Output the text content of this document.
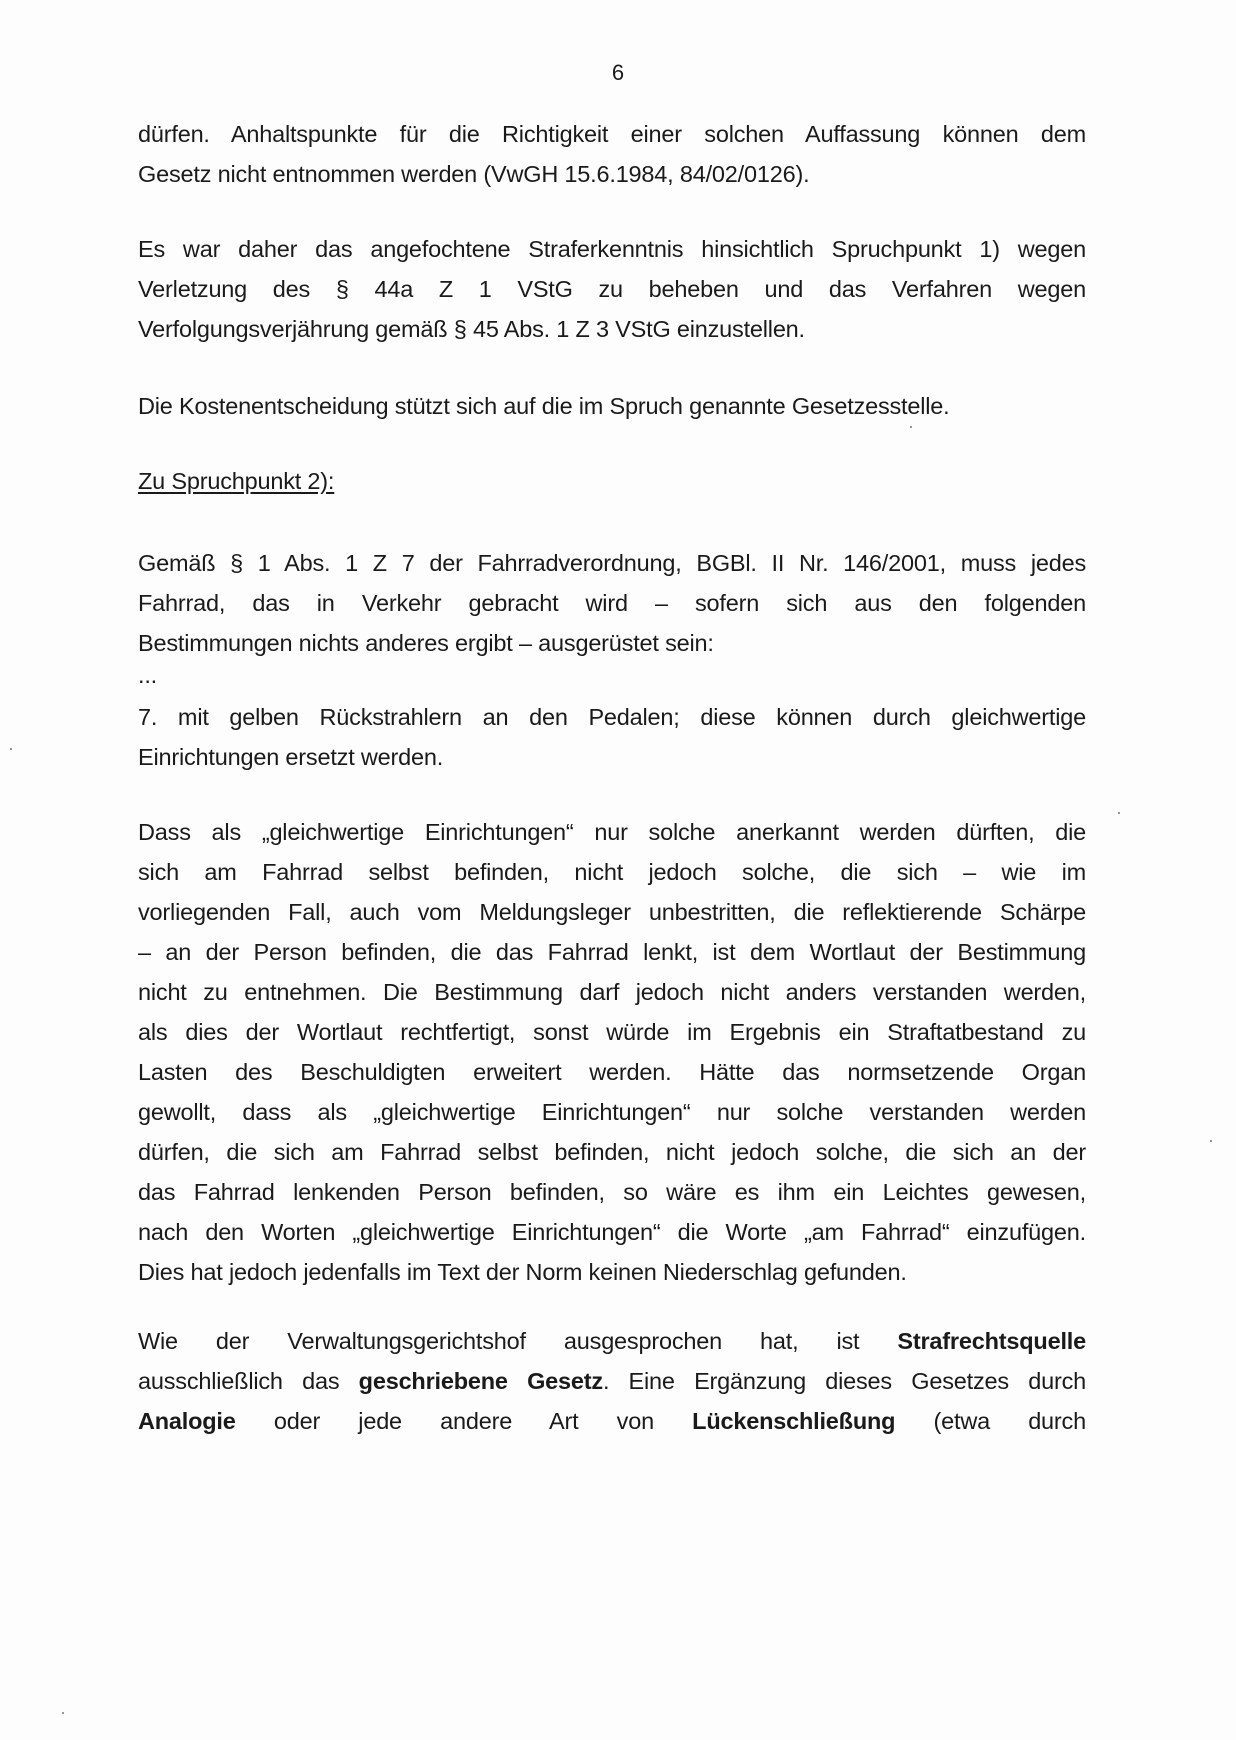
6
dürfen. Anhaltspunkte für die Richtigkeit einer solchen Auffassung können dem
Gesetz nicht entnommen werden (VwGH 15.6.1984, 84/02/0126).
Es war daher das angefochtene Straferkenntnis hinsichtlich Spruchpunkt 1) wegen
Verletzung des § 44a Z 1 VStG zu beheben und das Verfahren wegen
Verfolgungsverjährung gemäß § 45 Abs. 1 Z 3 VStG einzustellen.
Die Kostenentscheidung stützt sich auf die im Spruch genannte Gesetzesstelle.
Zu Spruchpunkt 2):
Gemäß § 1 Abs. 1 Z 7 der Fahrradverordnung, BGBl. II Nr. 146/2001, muss jedes
Fahrrad, das in Verkehr gebracht wird – sofern sich aus den folgenden
Bestimmungen nichts anderes ergibt – ausgerüstet sein:
...
7. mit gelben Rückstrahlern an den Pedalen; diese können durch gleichwertige
Einrichtungen ersetzt werden.
Dass als „gleichwertige Einrichtungen“ nur solche anerkannt werden dürften, die
sich am Fahrrad selbst befinden, nicht jedoch solche, die sich – wie im
vorliegenden Fall, auch vom Meldungsleger unbestritten, die reflektierende Schärpe
– an der Person befinden, die das Fahrrad lenkt, ist dem Wortlaut der Bestimmung
nicht zu entnehmen. Die Bestimmung darf jedoch nicht anders verstanden werden,
als dies der Wortlaut rechtfertigt, sonst würde im Ergebnis ein Straftatbestand zu
Lasten des Beschuldigten erweitert werden. Hätte das normsetzende Organ
gewollt, dass als „gleichwertige Einrichtungen“ nur solche verstanden werden
dürfen, die sich am Fahrrad selbst befinden, nicht jedoch solche, die sich an der
das Fahrrad lenkenden Person befinden, so wäre es ihm ein Leichtes gewesen,
nach den Worten „gleichwertige Einrichtungen“ die Worte „am Fahrrad“ einzufügen.
Dies hat jedoch jedenfalls im Text der Norm keinen Niederschlag gefunden.
Wie der Verwaltungsgerichtshof ausgesprochen hat, ist Strafrechtsquelle
ausschließlich das geschriebene Gesetz. Eine Ergänzung dieses Gesetzes durch
Analogie oder jede andere Art von Lückenschließung (etwa durch
